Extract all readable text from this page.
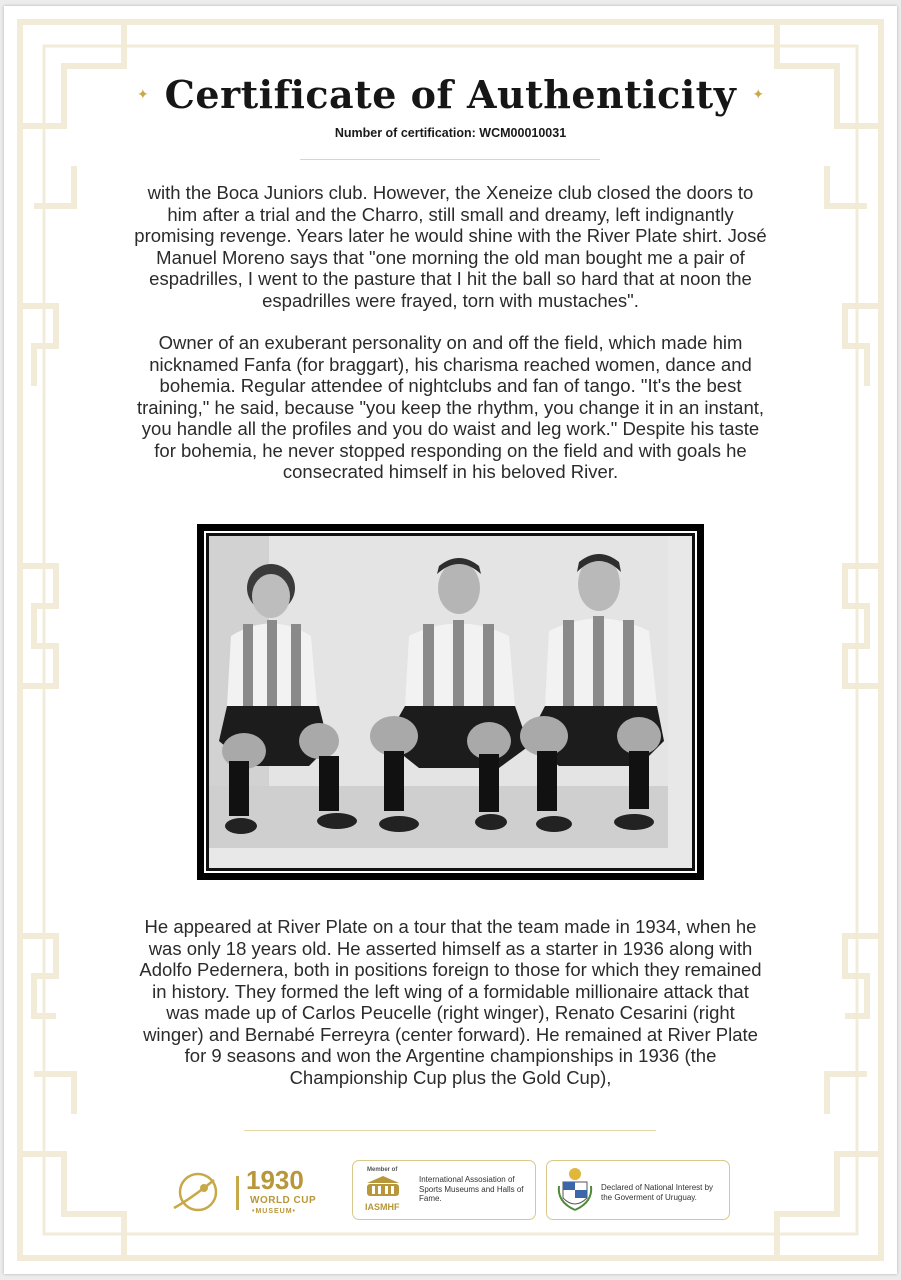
✦ Certificate of Authenticity ✦
Number of certification: WCM00010031

with the Boca Juniors club. However, the Xeneize club closed the doors to him after a trial and the Charro, still small and dreamy, left indignantly promising revenge. Years later he would shine with the River Plate shirt. José Manuel Moreno says that "one morning the old man bought me a pair of espadrilles, I went to the pasture that I hit the ball so hard that at noon the espadrilles were frayed, torn with mustaches".

Owner of an exuberant personality on and off the field, which made him nicknamed Fanfa (for braggart), his charisma reached women, dance and bohemia. Regular attendee of nightclubs and fan of tango. "It's the best training," he said, because "you keep the rhythm, you change it in an instant, you handle all the profiles and you do waist and leg work." Despite his taste for bohemia, he never stopped responding on the field and with goals he consecrated himself in his beloved River.

He appeared at River Plate on a tour that the team made in 1934, when he was only 18 years old. He asserted himself as a starter in 1936 along with Adolfo Pedernera, both in positions foreign to those for which they remained in history. They formed the left wing of a formidable millionaire attack that was made up of Carlos Peucelle (right winger), Renato Cesarini (right winger) and Bernabé Ferreyra (center forward). He remained at River Plate for 9 seasons and won the Argentine championships in 1936 (the Championship Cup plus the Gold Cup),

1930
WORLD CUP
•MUSEUM•
Member of
IASMHF
International Assosiation of Sports Museums and Halls of Fame.
Declared of National Interest by the Goverment of Uruguay.
